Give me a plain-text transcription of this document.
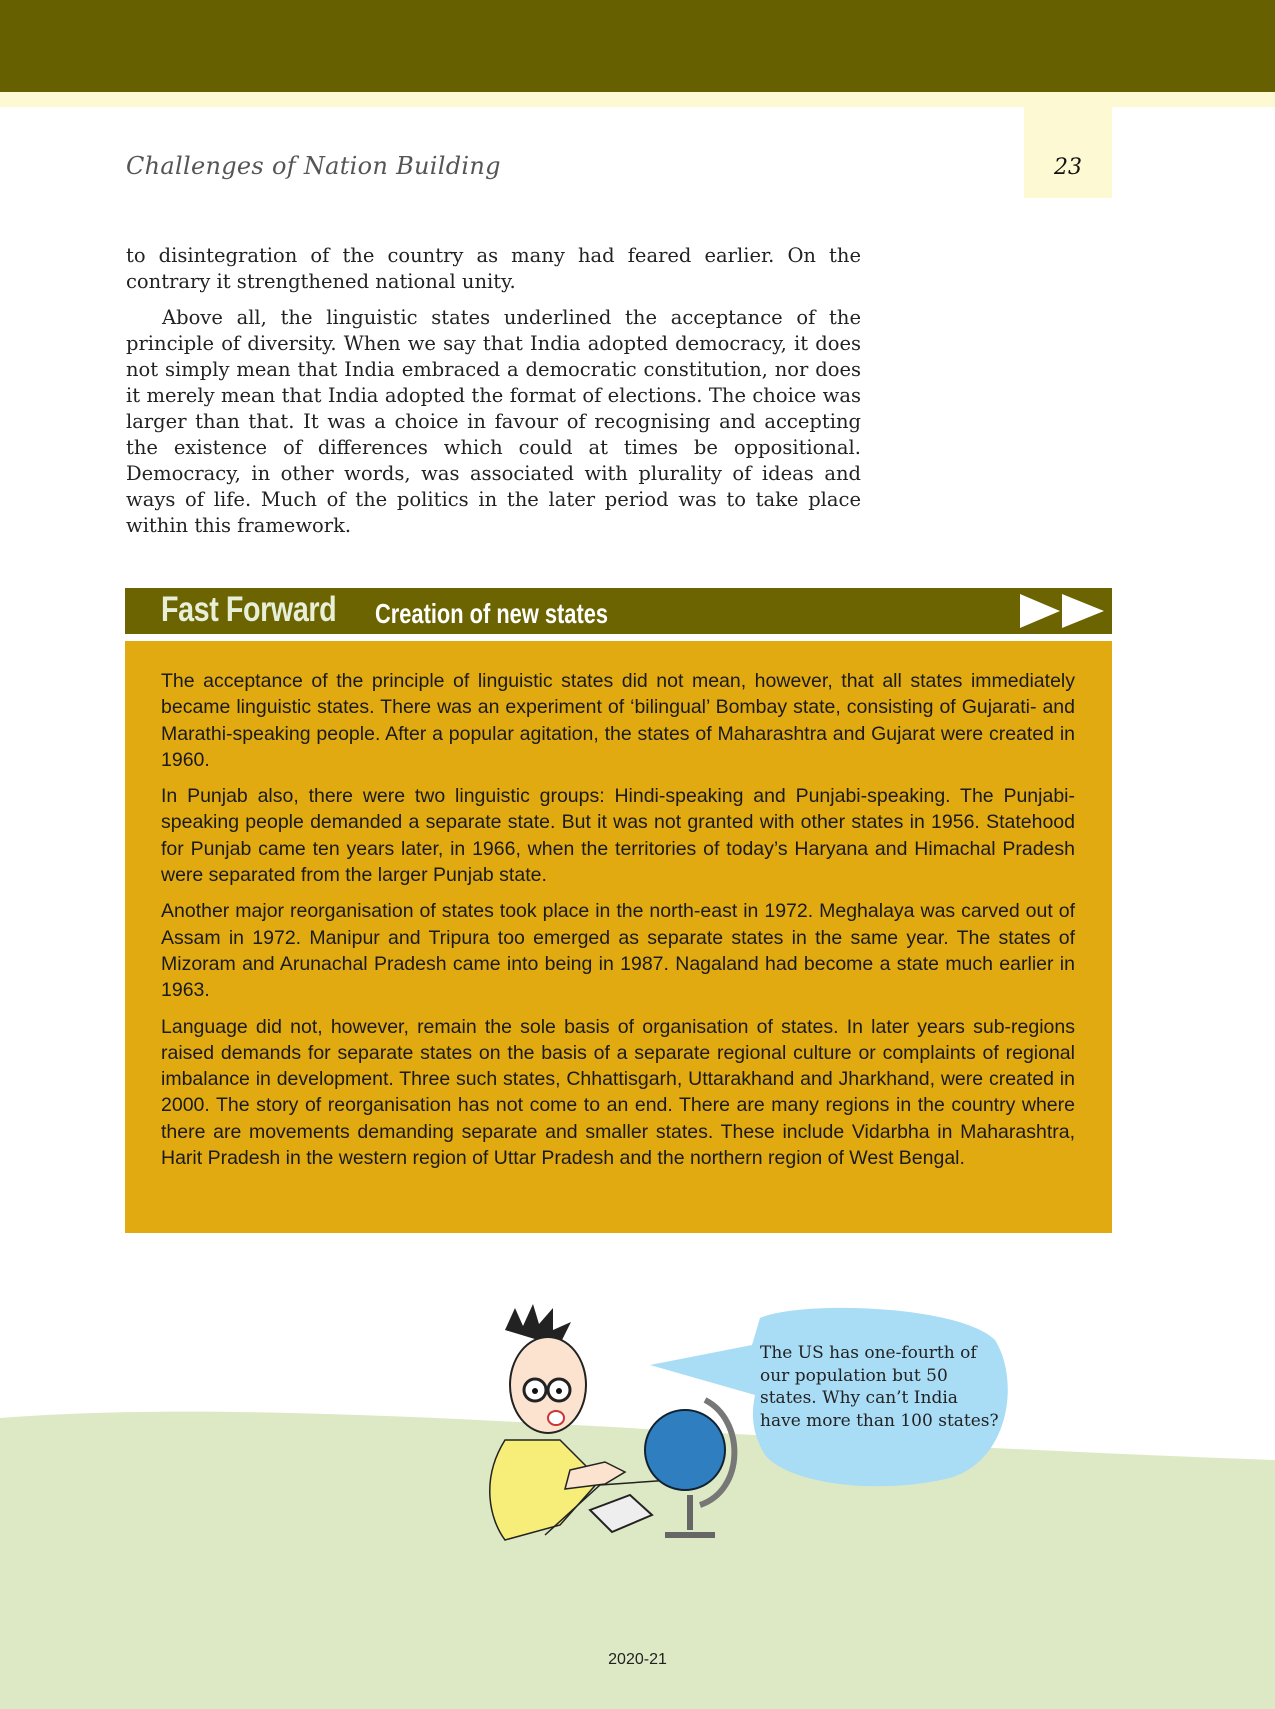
23
Challenges of Nation Building

to disintegration of the country as many had feared earlier. On the contrary it strengthened national unity.

Above all, the linguistic states underlined the acceptance of the principle of diversity. When we say that India adopted democracy, it does not simply mean that India embraced a democratic constitution, nor does it merely mean that India adopted the format of elections. The choice was larger than that. It was a choice in favour of recognising and accepting the existence of differences which could at times be oppositional. Democracy, in other words, was associated with plurality of ideas and ways of life. Much of the politics in the later period was to take place within this framework.

The US has one-fourth of our population but 50 states. Why can’t India have more than 100 states?
Fast Forward Creation of new states

The acceptance of the principle of linguistic states did not mean, however, that all states immediately became linguistic states. There was an experiment of ‘bilingual’ Bombay state, consisting of Gujarati- and Marathi-speaking people. After a popular agitation, the states of Maharashtra and Gujarat were created in 1960.

In Punjab also, there were two linguistic groups: Hindi-speaking and Punjabi-speaking. The Punjabi-speaking people demanded a separate state. But it was not granted with other states in 1956. Statehood for Punjab came ten years later, in 1966, when the territories of today’s Haryana and Himachal Pradesh were separated from the larger Punjab state.

Another major reorganisation of states took place in the north-east in 1972. Meghalaya was carved out of Assam in 1972. Manipur and Tripura too emerged as separate states in the same year. The states of Mizoram and Arunachal Pradesh came into being in 1987. Nagaland had become a state much earlier in 1963.

Language did not, however, remain the sole basis of organisation of states. In later years sub-regions raised demands for separate states on the basis of a separate regional culture or complaints of regional imbalance in development. Three such states, Chhattisgarh, Uttarakhand and Jharkhand, were created in 2000. The story of reorganisation has not come to an end. There are many regions in the country where there are movements demanding separate and smaller states. These include Vidarbha in Maharashtra, Harit Pradesh in the western region of Uttar Pradesh and the northern region of West Bengal.

2020-21
